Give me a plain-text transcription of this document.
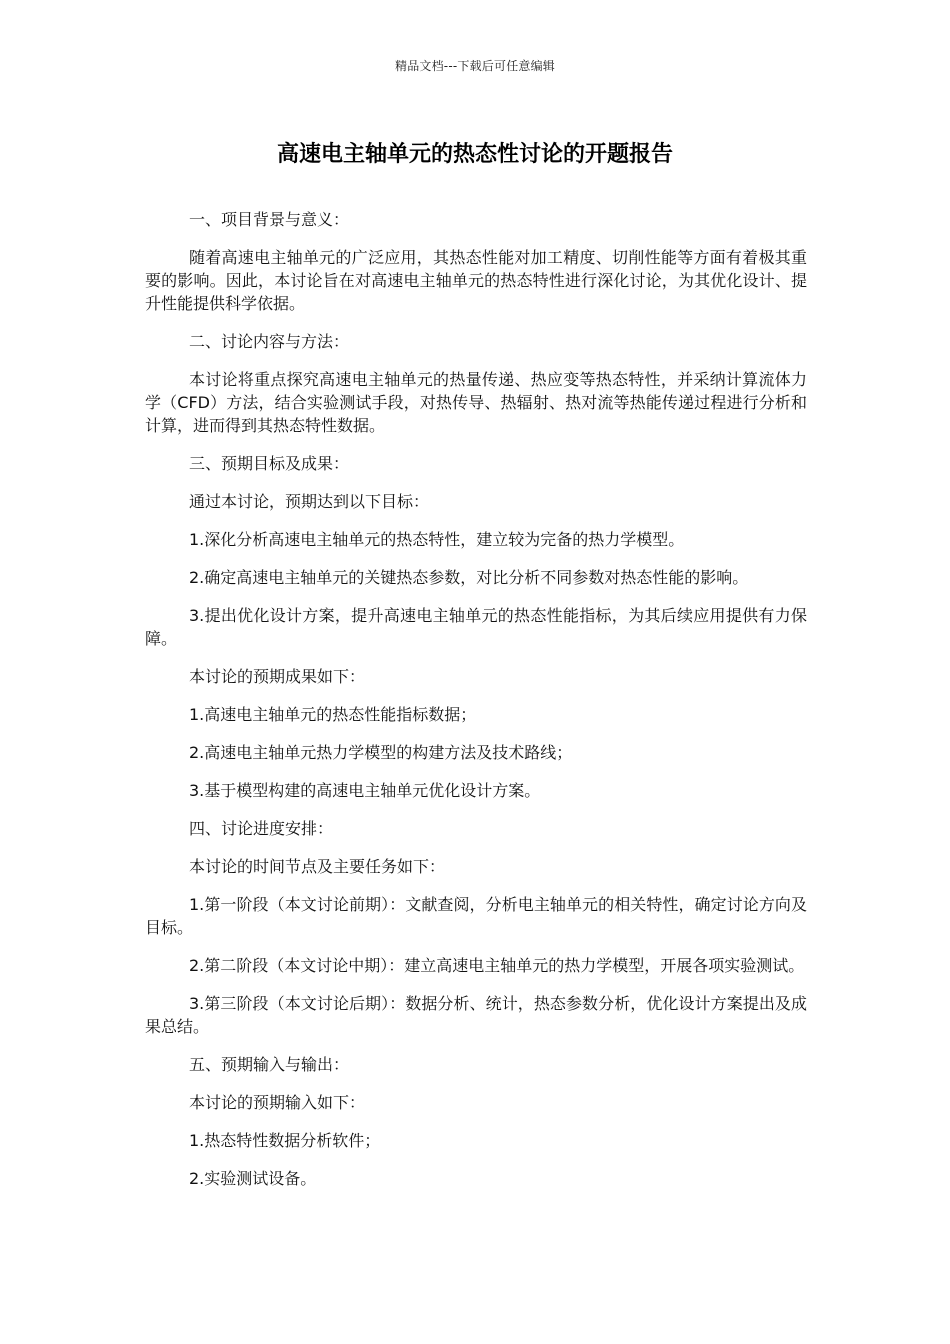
精品文档---下载后可任意编辑
高速电主轴单元的热态性讨论的开题报告

一、项目背景与意义：

随着高速电主轴单元的广泛应用，其热态性能对加工精度、切削性能等方面有着极其重要的影响。因此，本讨论旨在对高速电主轴单元的热态特性进行深化讨论，为其优化设计、提升性能提供科学依据。

二、讨论内容与方法：

本讨论将重点探究高速电主轴单元的热量传递、热应变等热态特性，并采纳计算流体力学（CFD）方法，结合实验测试手段，对热传导、热辐射、热对流等热能传递过程进行分析和计算，进而得到其热态特性数据。

三、预期目标及成果：

通过本讨论，预期达到以下目标：

1.深化分析高速电主轴单元的热态特性，建立较为完备的热力学模型。

2.确定高速电主轴单元的关键热态参数，对比分析不同参数对热态性能的影响。

3.提出优化设计方案，提升高速电主轴单元的热态性能指标，为其后续应用提供有力保障。

本讨论的预期成果如下：

1.高速电主轴单元的热态性能指标数据；

2.高速电主轴单元热力学模型的构建方法及技术路线；

3.基于模型构建的高速电主轴单元优化设计方案。

四、讨论进度安排：

本讨论的时间节点及主要任务如下：

1.第一阶段（本文讨论前期）：文献查阅，分析电主轴单元的相关特性，确定讨论方向及目标。

2.第二阶段（本文讨论中期）：建立高速电主轴单元的热力学模型，开展各项实验测试。

3.第三阶段（本文讨论后期）：数据分析、统计，热态参数分析，优化设计方案提出及成果总结。

五、预期输入与输出：

本讨论的预期输入如下：

1.热态特性数据分析软件；

2.实验测试设备。
